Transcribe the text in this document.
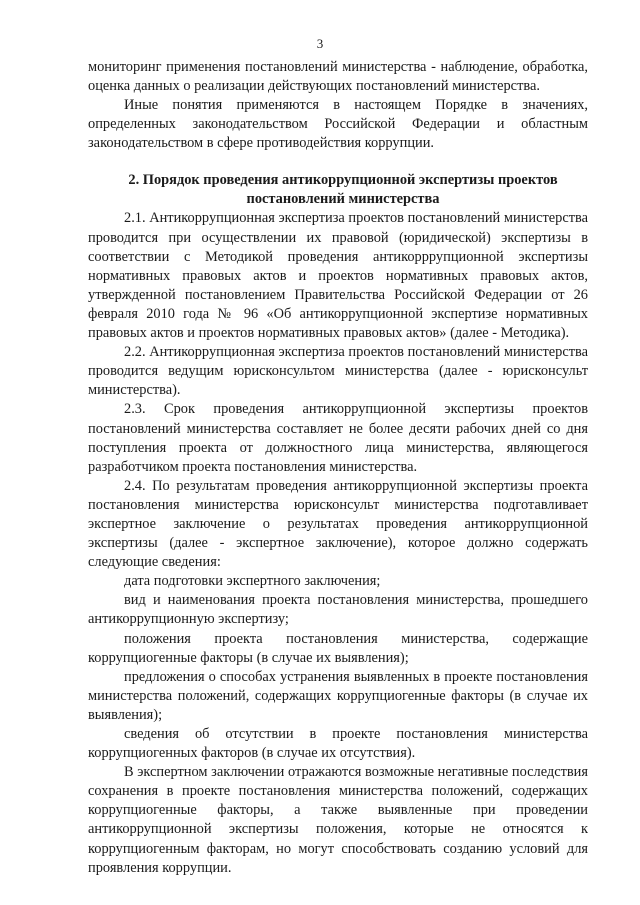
3

мониторинг применения постановлений министерства - наблюдение, обработка, оценка данных о реализации действующих постановлений министерства.

Иные понятия применяются в настоящем Порядке в значениях, определенных законодательством Российской Федерации и областным законодательством в сфере противодействия коррупции.

2. Порядок проведения антикоррупционной экспертизы проектов постановлений министерства

2.1. Антикоррупционная экспертиза проектов постановлений министерства проводится при осуществлении их правовой (юридической) экспертизы в соответствии с Методикой проведения антикорррупционной экспертизы нормативных правовых актов и проектов нормативных правовых актов, утвержденной постановлением Правительства Российской Федерации от 26 февраля 2010 года № 96 «Об антикоррупционной экспертизе нормативных правовых актов и проектов нормативных правовых актов» (далее - Методика).

2.2. Антикоррупционная экспертиза проектов постановлений министерства проводится ведущим юрисконсультом министерства (далее - юрисконсульт министерства).

2.3. Срок проведения антикоррупционной экспертизы проектов постановлений министерства составляет не более десяти рабочих дней со дня поступления проекта от должностного лица министерства, являющегося разработчиком проекта постановления министерства.

2.4. По результатам проведения антикоррупционной экспертизы проекта постановления министерства юрисконсульт министерства подготавливает экспертное заключение о результатах проведения антикоррупционной экспертизы (далее - экспертное заключение), которое должно содержать следующие сведения:

дата подготовки экспертного заключения;

вид и наименования проекта постановления министерства, прошедшего антикоррупционную экспертизу;

положения проекта постановления министерства, содержащие коррупциогенные факторы (в случае их выявления);

предложения о способах устранения выявленных в проекте постановления министерства положений, содержащих коррупциогенные факторы (в случае их выявления);

сведения об отсутствии в проекте постановления министерства коррупциогенных факторов (в случае их отсутствия).

В экспертном заключении отражаются возможные негативные последствия сохранения в проекте постановления министерства положений, содержащих коррупциогенные факторы, а также выявленные при проведении антикоррупционной экспертизы положения, которые не относятся к коррупциогенным факторам, но могут способствовать созданию условий для проявления коррупции.
